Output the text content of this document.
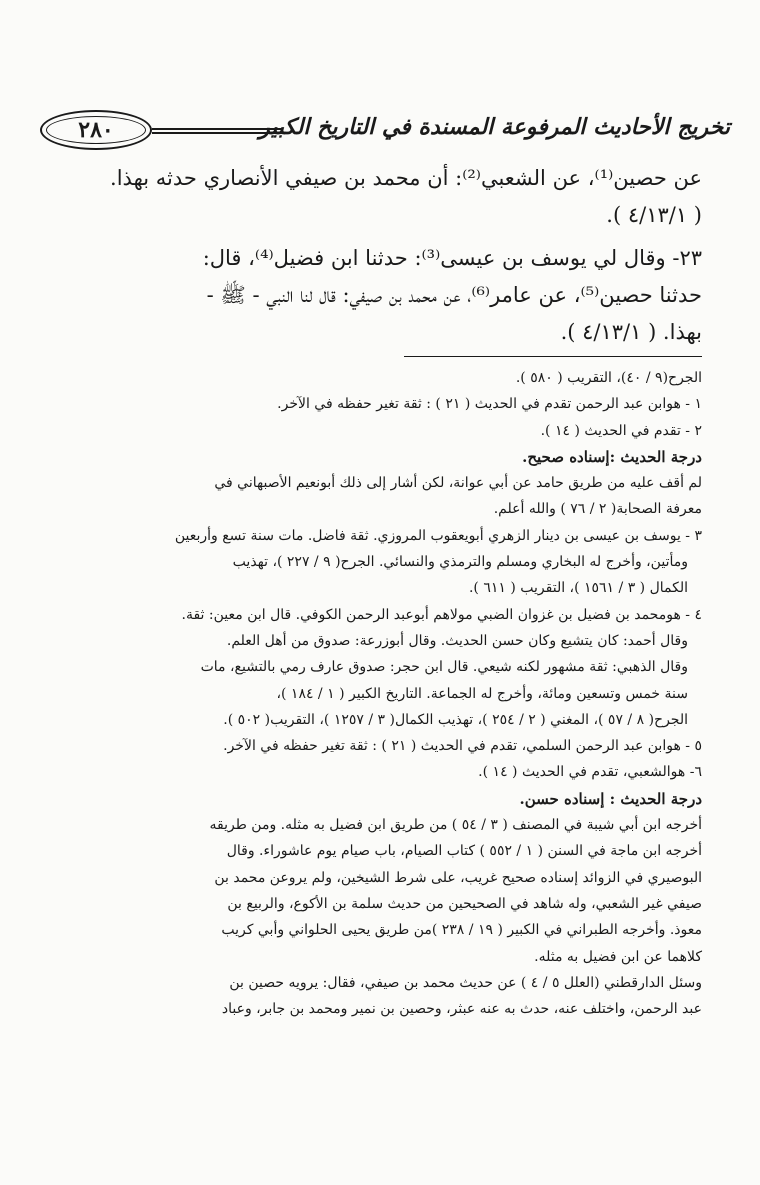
تخريج الأحاديث المرفوعة المسندة في التاريخ الكبير
٢٨٠

عن حصين⁽¹⁾، عن الشعبي⁽²⁾: أن محمد بن صيفي الأنصاري حدثه بهذا.

( ٤/١٣/١ ).

٢٣- وقال لي يوسف بن عيسى⁽³⁾: حدثنا ابن فضيل⁽⁴⁾، قال:

حدثنا حصين⁽⁵⁾، عن عامر⁽⁶⁾، عن محمد بن صيفي: قال لنا النبي - ﷺ -

بهذا. ( ٤/١٣/١ ).

الجرح(٩ / ٤٠)، التقريب ( ٥٨٠ ).

١ - هوابن عبد الرحمن تقدم في الحديث ( ٢١ ) : ثقة تغير حفظه في الآخر.

٢ - تقدم في الحديث ( ١٤ ).

درجة الحديث :إسناده صحيح.

لم أقف عليه من طريق حامد عن أبي عوانة، لكن أشار إلى ذلك أبونعيم الأصبهاني في

معرفة الصحابة( ٢ / ٧٦ ) والله أعلم.

٣ - يوسف بن عيسى بن دينار الزهري أبويعقوب المروزي. ثقة فاضل. مات سنة تسع وأربعين

ومأتين، وأخرج له البخاري ومسلم والترمذي والنسائي. الجرح( ٩ / ٢٢٧ )، تهذيب

الكمال ( ٣ / ١٥٦١ )، التقريب ( ٦١١ ).

٤ - هومحمد بن فضيل بن غزوان الضبي مولاهم أبوعبد الرحمن الكوفي. قال ابن معين: ثقة.

وقال أحمد: كان يتشيع وكان حسن الحديث. وقال أبوزرعة: صدوق من أهل العلم.

وقال الذهبي: ثقة مشهور لكنه شيعي. قال ابن حجر: صدوق عارف رمي بالتشيع، مات

سنة خمس وتسعين ومائة، وأخرج له الجماعة. التاريخ الكبير ( ١ / ١٨٤ )،

الجرح( ٨ / ٥٧ )، المغني ( ٢ / ٢٥٤ )، تهذيب الكمال( ٣ / ١٢٥٧ )، التقريب( ٥٠٢ ).

٥ - هوابن عبد الرحمن السلمي، تقدم في الحديث ( ٢١ ) : ثقة تغير حفظه في الآخر.

٦- هوالشعبي، تقدم في الحديث ( ١٤ ).

درجة الحديث : إسناده حسن.

أخرجه ابن أبي شيبة في المصنف ( ٣ / ٥٤ ) من طريق ابن فضيل به مثله. ومن طريقه

أخرجه ابن ماجة في السنن ( ١ / ٥٥٢ ) كتاب الصيام، باب صيام يوم عاشوراء. وقال

البوصيري في الزوائد إسناده صحيح غريب، على شرط الشيخين، ولم يروعن محمد بن

صيفي غير الشعبي، وله شاهد في الصحيحين من حديث سلمة بن الأكوع، والربيع بن

معوذ. وأخرجه الطبراني في الكبير ( ١٩ / ٢٣٨ )من طريق يحيى الحلواني وأبي كريب

كلاهما عن ابن فضيل به مثله.

وسئل الدارقطني (العلل ٥ / ٤ ) عن حديث محمد بن صيفي، فقال: يرويه حصين بن

عبد الرحمن، واختلف عنه، حدث به عنه عبثر، وحصين بن نمير ومحمد بن جابر، وعباد
